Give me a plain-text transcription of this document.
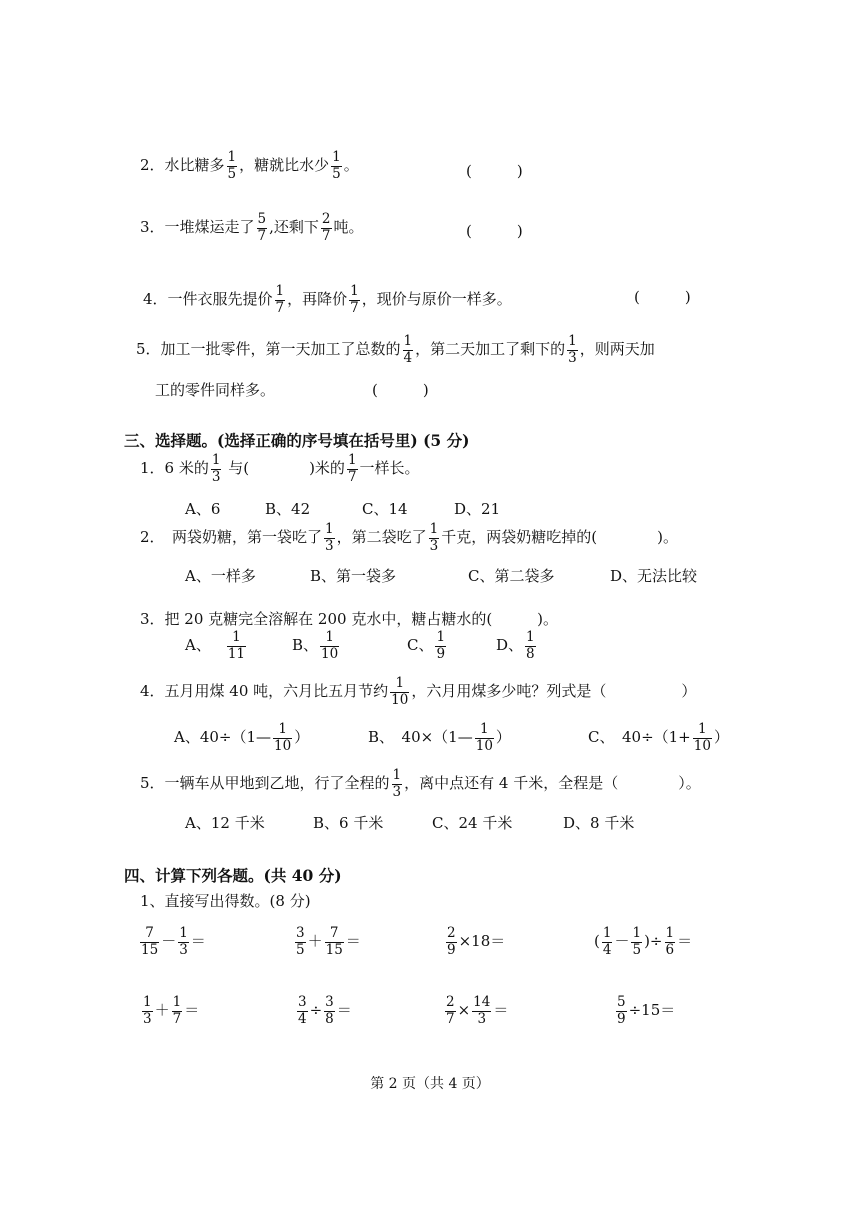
2．水比糖多 $\frac{1}{5}$ ，糖就比水少 $\frac{1}{5}$ 。	(　　　)
3．一堆煤运走了 $\frac{5}{7}$ ,还剩下 $\frac{2}{7}$ 吨。	(　　　)
4．一件衣服先提价 $\frac{1}{7}$ ，再降价 $\frac{1}{7}$ ，现价与原价一样多。	(　　　)
5．加工一批零件，第一天加工了总数的 $\frac{1}{4}$ ，第二天加工了剩下的 $\frac{1}{3}$ ，则两天加
工的零件同样多。	(　　　)
三、选择题。(选择正确的序号填在括号里) (5 分)
1．6 米的 $\frac{1}{3}$ 与(　　　　)米的 $\frac{1}{7}$ 一样长。
A、6	B、42	C、14	D、21
2．　两袋奶糖，第一袋吃了 $\frac{1}{3}$ ，第二袋吃了 $\frac{1}{3}$ 千克，两袋奶糖吃掉的(　　　　)。
A、一样多	B、第一袋多	C、第二袋多	D、无法比较
3．把 20 克糖完全溶解在 200 克水中，糖占糖水的(　　　)。
A、 $\frac{1}{11}$	B、 $\frac{1}{10}$	C、 $\frac{1}{9}$	D、 $\frac{1}{8}$
4．五月用煤 40 吨，六月比五月节约 $\frac{1}{10}$ ，六月用煤多少吨？列式是（　　　　　）
A、40÷（1— $\frac{1}{10}$ ）	B、　40×（1— $\frac{1}{10}$ ）	C、　$40\div(1+ \frac{1}{10}$ ）
5．一辆车从甲地到乙地，行了全程的 $\frac{1}{3}$ ，离中点还有 4 千米，全程是（　　　　）。
A、12 千米	B、6 千米	C、24 千米	D、8 千米
四、计算下列各题。(共 40 分)
1、直接写出得数。(8 分)
$\frac{7}{15} - \frac{1}{3}$ ＝	$\frac{3}{5} + \frac{7}{15}$ ＝	$\frac{2}{9} \times 18=$	( $\frac{1}{4} - \frac{1}{5}$ )÷ $\frac{1}{6}$ ＝
$\frac{1}{3} + \frac{1}{7}$ ＝	$\frac{3}{4} \div \frac{3}{8}$ ＝	$\frac{2}{7} \times \frac{14}{3}$ ＝	$\frac{5}{9} \div 15=$
第 2 页（共 4 页）
